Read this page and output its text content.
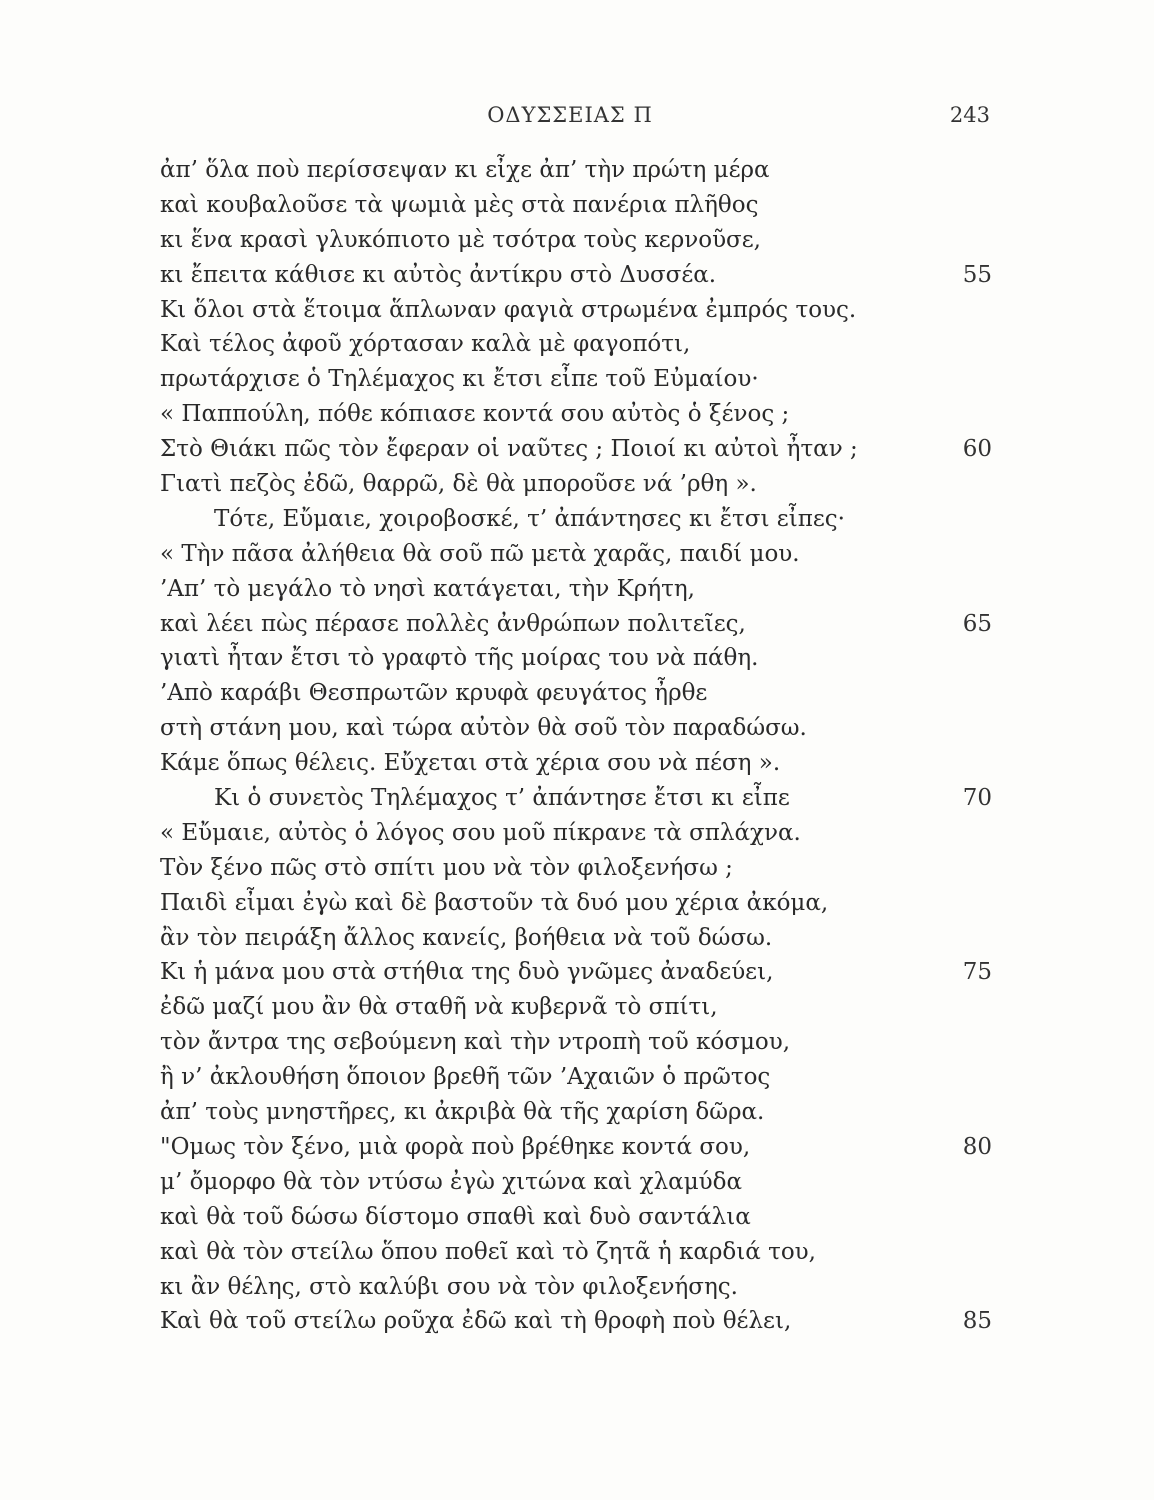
ΟΔΥΣΣΕΙΑΣ Π	243
ἀπ’ ὅλα ποὺ περίσσεψαν κι εἶχε ἀπ’ τὴν πρώτη μέρα
καὶ κουβαλοῦσε τὰ ψωμιὰ μὲς στὰ πανέρια πλῆθος
κι ἕνα κρασὶ γλυκόπιοτο μὲ τσότρα τοὺς κερνοῦσε,
κι ἔπειτα κάθισε κι αὐτὸς ἀντίκρυ στὸ Δυσσέα.	55
Κι ὅλοι στὰ ἕτοιμα ἅπλωναν φαγιὰ στρωμένα ἐμπρός τους.
Καὶ τέλος ἀφοῦ χόρτασαν καλὰ μὲ φαγοπότι,
πρωτάρχισε ὁ Τηλέμαχος κι ἔτσι εἶπε τοῦ Εὐμαίου·
« Παππούλη, πόθε κόπιασε κοντά σου αὐτὸς ὁ ξένος ;
Στὸ Θιάκι πῶς τὸν ἔφεραν οἱ ναῦτες ; Ποιοί κι αὐτοὶ ἦταν ;	60
Γιατὶ πεζὸς ἐδῶ, θαρρῶ, δὲ θὰ μποροῦσε νά ’ρθη ».
Τότε, Εὔμαιε, χοιροβοσκέ, τ’ ἀπάντησες κι ἔτσι εἶπες·
« Τὴν πᾶσα ἀλήθεια θὰ σοῦ πῶ μετὰ χαρᾶς, παιδί μου.
’Απ’ τὸ μεγάλο τὸ νησὶ κατάγεται, τὴν Κρήτη,
καὶ λέει πὼς πέρασε πολλὲς ἀνθρώπων πολιτεῖες,	65
γιατὶ ἦταν ἔτσι τὸ γραφτὸ τῆς μοίρας του νὰ πάθη.
’Απὸ καράβι Θεσπρωτῶν κρυφὰ φευγάτος ἦρθε
στὴ στάνη μου, καὶ τώρα αὐτὸν θὰ σοῦ τὸν παραδώσω.
Κάμε ὅπως θέλεις. Εὔχεται στὰ χέρια σου νὰ πέση ».
Κι ὁ συνετὸς Τηλέμαχος τ’ ἀπάντησε ἔτσι κι εἶπε	70
« Εὔμαιε, αὐτὸς ὁ λόγος σου μοῦ πίκρανε τὰ σπλάχνα.
Τὸν ξένο πῶς στὸ σπίτι μου νὰ τὸν φιλοξενήσω ;
Παιδὶ εἶμαι ἐγὼ καὶ δὲ βαστοῦν τὰ δυό μου χέρια ἀκόμα,
ἂν τὸν πειράξη ἄλλος κανείς, βοήθεια νὰ τοῦ δώσω.
Κι ἡ μάνα μου στὰ στήθια της δυὸ γνῶμες ἀναδεύει,	75
ἐδῶ μαζί μου ἂν θὰ σταθῆ νὰ κυβερνᾶ τὸ σπίτι,
τὸν ἄντρα της σεβούμενη καὶ τὴν ντροπὴ τοῦ κόσμου,
ἢ ν’ ἀκλουθήση ὅποιον βρεθῆ τῶν ’Αχαιῶν ὁ πρῶτος
ἀπ’ τοὺς μνηστῆρες, κι ἀκριβὰ θὰ τῆς χαρίση δῶρα.
"Ομως τὸν ξένο, μιὰ φορὰ ποὺ βρέθηκε κοντά σου,	80
μ’ ὄμορφο θὰ τὸν ντύσω ἐγὼ χιτώνα καὶ χλαμύδα
καὶ θὰ τοῦ δώσω δίστομο σπαθὶ καὶ δυὸ σαντάλια
καὶ θὰ τὸν στείλω ὅπου ποθεῖ καὶ τὸ ζητᾶ ἡ καρδιά του,
κι ἂν θέλης, στὸ καλύβι σου νὰ τὸν φιλοξενήσης.
Καὶ θὰ τοῦ στείλω ροῦχα ἐδῶ καὶ τὴ θροφὴ ποὺ θέλει,	85
